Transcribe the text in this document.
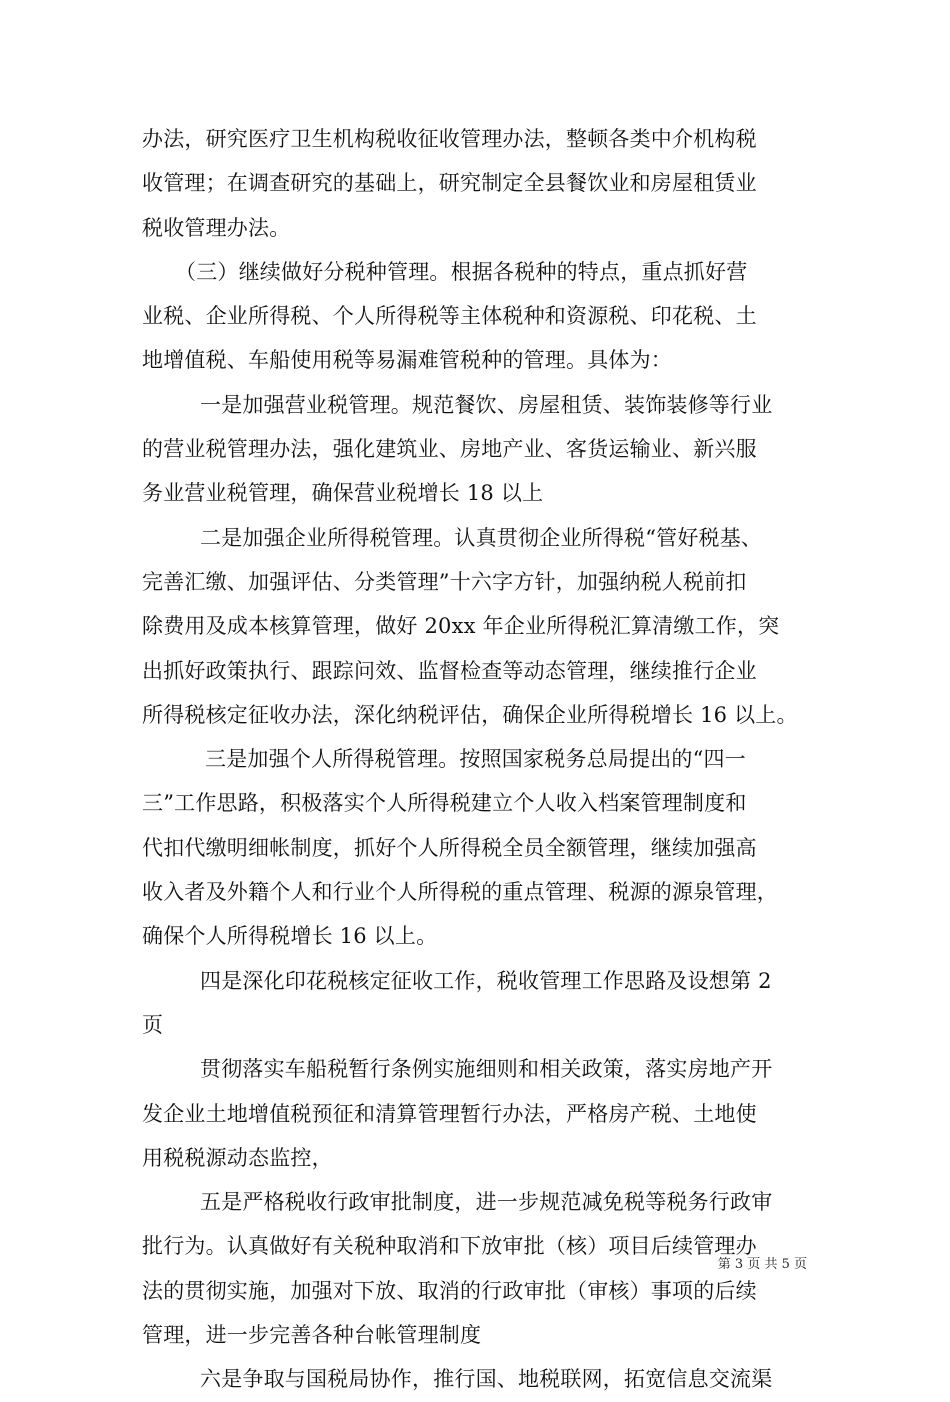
办法，研究医疗卫生机构税收征收管理办法，整顿各类中介机构税
收管理；在调查研究的基础上，研究制定全县餐饮业和房屋租赁业
税收管理办法。
（三）继续做好分税种管理。根据各税种的特点，重点抓好营
业税、企业所得税、个人所得税等主体税种和资源税、印花税、土
地增值税、车船使用税等易漏难管税种的管理。具体为：
一是加强营业税管理。规范餐饮、房屋租赁、装饰装修等行业
的营业税管理办法，强化建筑业、房地产业、客货运输业、新兴服
务业营业税管理，确保营业税增长 18 以上
二是加强企业所得税管理。认真贯彻企业所得税“管好税基、
完善汇缴、加强评估、分类管理”十六字方针，加强纳税人税前扣
除费用及成本核算管理，做好 20xx 年企业所得税汇算清缴工作，突
出抓好政策执行、跟踪问效、监督检查等动态管理，继续推行企业
所得税核定征收办法，深化纳税评估，确保企业所得税增长 16 以上。
三是加强个人所得税管理。按照国家税务总局提出的“四一
三”工作思路，积极落实个人所得税建立个人收入档案管理制度和
代扣代缴明细帐制度，抓好个人所得税全员全额管理，继续加强高
收入者及外籍个人和行业个人所得税的重点管理、税源的源泉管理，
确保个人所得税增长 16 以上。
四是深化印花税核定征收工作，税收管理工作思路及设想第 2
页
贯彻落实车船税暂行条例实施细则和相关政策，落实房地产开
发企业土地增值税预征和清算管理暂行办法，严格房产税、土地使
用税税源动态监控，
五是严格税收行政审批制度，进一步规范减免税等税务行政审
批行为。认真做好有关税种取消和下放审批（核）项目后续管理办
法的贯彻实施，加强对下放、取消的行政审批（审核）事项的后续
管理，进一步完善各种台帐管理制度
六是争取与国税局协作，推行国、地税联网，拓宽信息交流渠
第 3 页 共 5 页
